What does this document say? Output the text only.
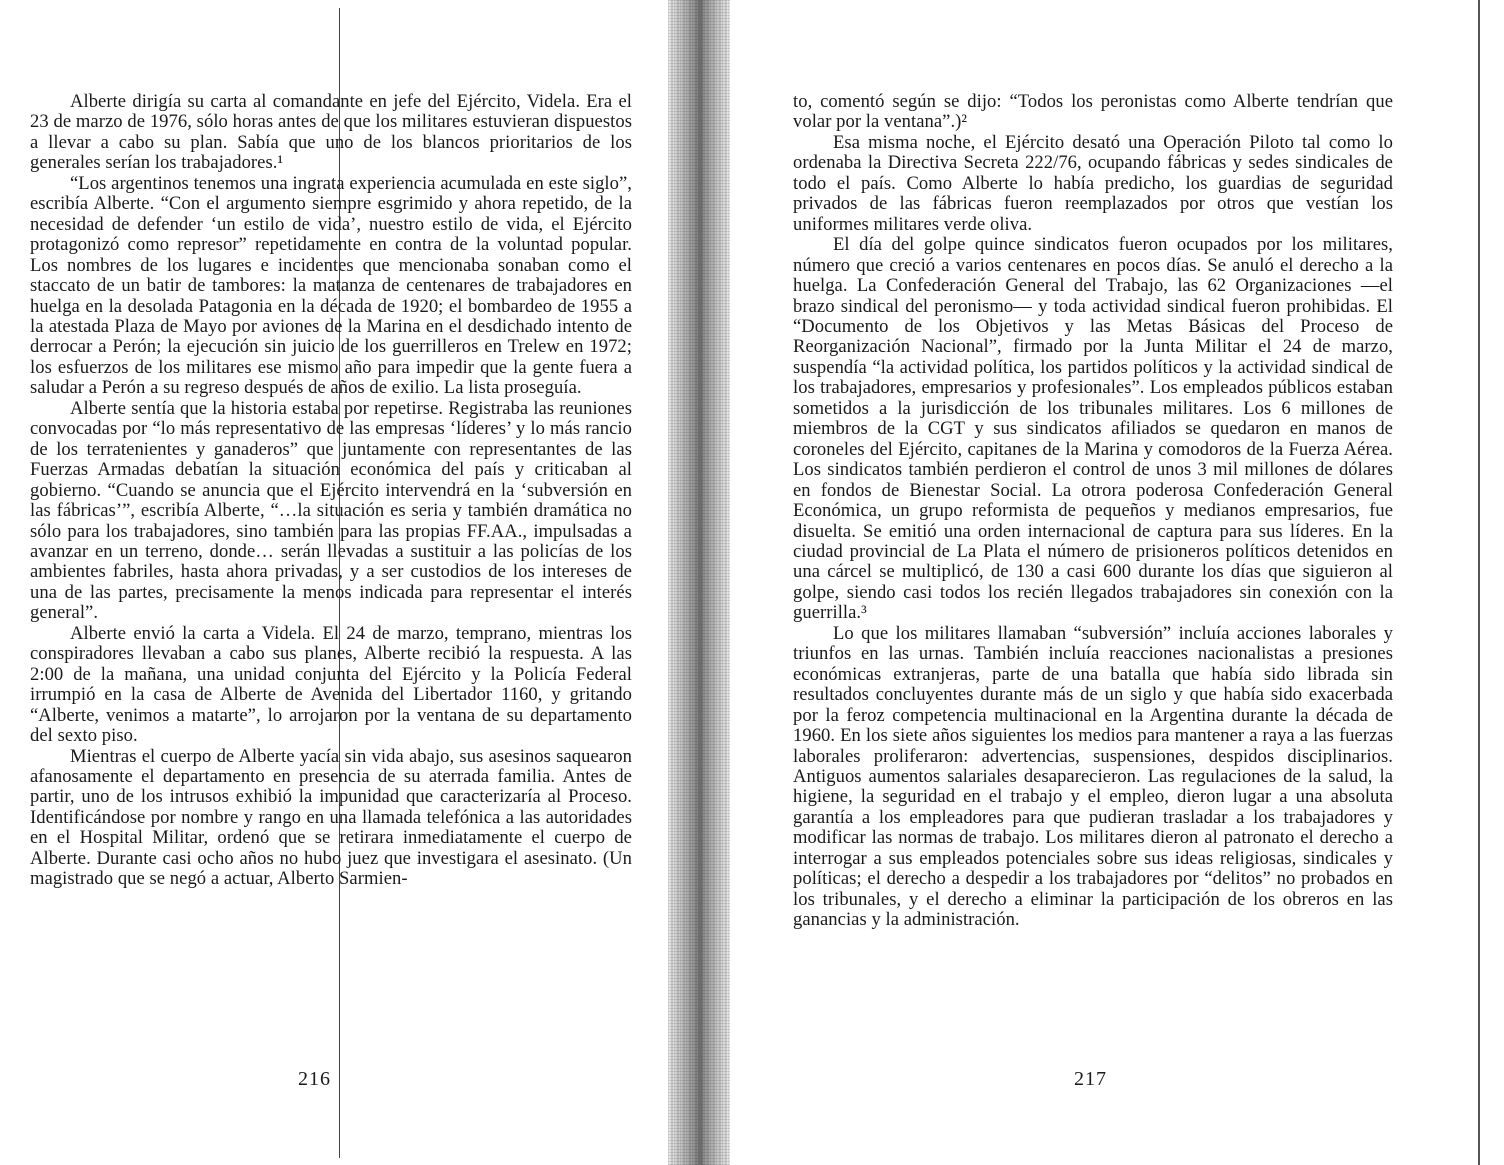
Alberte dirigía su carta al comandante en jefe del Ejército, Videla. Era el 23 de marzo de 1976, sólo horas antes de que los militares estuvieran dispuestos a llevar a cabo su plan. Sabía que uno de los blancos prioritarios de los generales serían los trabajadores.¹

“Los argentinos tenemos una ingrata experiencia acumulada en este siglo”, escribía Alberte. “Con el argumento siempre esgrimido y ahora repetido, de la necesidad de defender ‘un estilo de vida’, nuestro estilo de vida, el Ejército protagonizó como represor” repetidamente en contra de la voluntad popular. Los nombres de los lugares e incidentes que mencionaba sonaban como el staccato de un batir de tambores: la matanza de centenares de trabajadores en huelga en la desolada Patagonia en la década de 1920; el bombardeo de 1955 a la atestada Plaza de Mayo por aviones de la Marina en el desdichado intento de derrocar a Perón; la ejecución sin juicio de los guerrilleros en Trelew en 1972; los esfuerzos de los militares ese mismo año para impedir que la gente fuera a saludar a Perón a su regreso después de años de exilio. La lista proseguía.

Alberte sentía que la historia estaba por repetirse. Registraba las reuniones convocadas por “lo más representativo de las empresas ‘líderes’ y lo más rancio de los terratenientes y ganaderos” que juntamente con representantes de las Fuerzas Armadas debatían la situación económica del país y criticaban al gobierno. “Cuando se anuncia que el Ejército intervendrá en la ‘subversión en las fábricas’”, escribía Alberte, “…la situación es seria y también dramática no sólo para los trabajadores, sino también para las propias FF.AA., impulsadas a avanzar en un terreno, donde… serán llevadas a sustituir a las policías de los ambientes fabriles, hasta ahora privadas, y a ser custodios de los intereses de una de las partes, precisamente la menos indicada para representar el interés general”.

Alberte envió la carta a Videla. El 24 de marzo, temprano, mientras los conspiradores llevaban a cabo sus planes, Alberte recibió la respuesta. A las 2:00 de la mañana, una unidad conjunta del Ejército y la Policía Federal irrumpió en la casa de Alberte de Avenida del Libertador 1160, y gritando “Alberte, venimos a matarte”, lo arrojaron por la ventana de su departamento del sexto piso.

Mientras el cuerpo de Alberte yacía sin vida abajo, sus asesinos saquearon afanosamente el departamento en presencia de su aterrada familia. Antes de partir, uno de los intrusos exhibió la impunidad que caracterizaría al Proceso. Identificándose por nombre y rango en una llamada telefónica a las autoridades en el Hospital Militar, ordenó que se retirara inmediatamente el cuerpo de Alberte. Durante casi ocho años no hubo juez que investigara el asesinato. (Un magistrado que se negó a actuar, Alberto Sarmien-

216

to, comentó según se dijo: “Todos los peronistas como Alberte tendrían que volar por la ventana”.)²

Esa misma noche, el Ejército desató una Operación Piloto tal como lo ordenaba la Directiva Secreta 222/76, ocupando fábricas y sedes sindicales de todo el país. Como Alberte lo había predicho, los guardias de seguridad privados de las fábricas fueron reemplazados por otros que vestían los uniformes militares verde oliva.

El día del golpe quince sindicatos fueron ocupados por los militares, número que creció a varios centenares en pocos días. Se anuló el derecho a la huelga. La Confederación General del Trabajo, las 62 Organizaciones —el brazo sindical del peronismo— y toda actividad sindical fueron prohibidas. El “Documento de los Objetivos y las Metas Básicas del Proceso de Reorganización Nacional”, firmado por la Junta Militar el 24 de marzo, suspendía “la actividad política, los partidos políticos y la actividad sindical de los trabajadores, empresarios y profesionales”. Los empleados públicos estaban sometidos a la jurisdicción de los tribunales militares. Los 6 millones de miembros de la CGT y sus sindicatos afiliados se quedaron en manos de coroneles del Ejército, capitanes de la Marina y comodoros de la Fuerza Aérea. Los sindicatos también perdieron el control de unos 3 mil millones de dólares en fondos de Bienestar Social. La otrora poderosa Confederación General Económica, un grupo reformista de pequeños y medianos empresarios, fue disuelta. Se emitió una orden internacional de captura para sus líderes. En la ciudad provincial de La Plata el número de prisioneros políticos detenidos en una cárcel se multiplicó, de 130 a casi 600 durante los días que siguieron al golpe, siendo casi todos los recién llegados trabajadores sin conexión con la guerrilla.³

Lo que los militares llamaban “subversión” incluía acciones laborales y triunfos en las urnas. También incluía reacciones nacionalistas a presiones económicas extranjeras, parte de una batalla que había sido librada sin resultados concluyentes durante más de un siglo y que había sido exacerbada por la feroz competencia multinacional en la Argentina durante la década de 1960. En los siete años siguientes los medios para mantener a raya a las fuerzas laborales proliferaron: advertencias, suspensiones, despidos disciplinarios. Antiguos aumentos salariales desaparecieron. Las regulaciones de la salud, la higiene, la seguridad en el trabajo y el empleo, dieron lugar a una absoluta garantía a los empleadores para que pudieran trasladar a los trabajadores y modificar las normas de trabajo. Los militares dieron al patronato el derecho a interrogar a sus empleados potenciales sobre sus ideas religiosas, sindicales y políticas; el derecho a despedir a los trabajadores por “delitos” no probados en los tribunales, y el derecho a eliminar la participación de los obreros en las ganancias y la administración.

217
